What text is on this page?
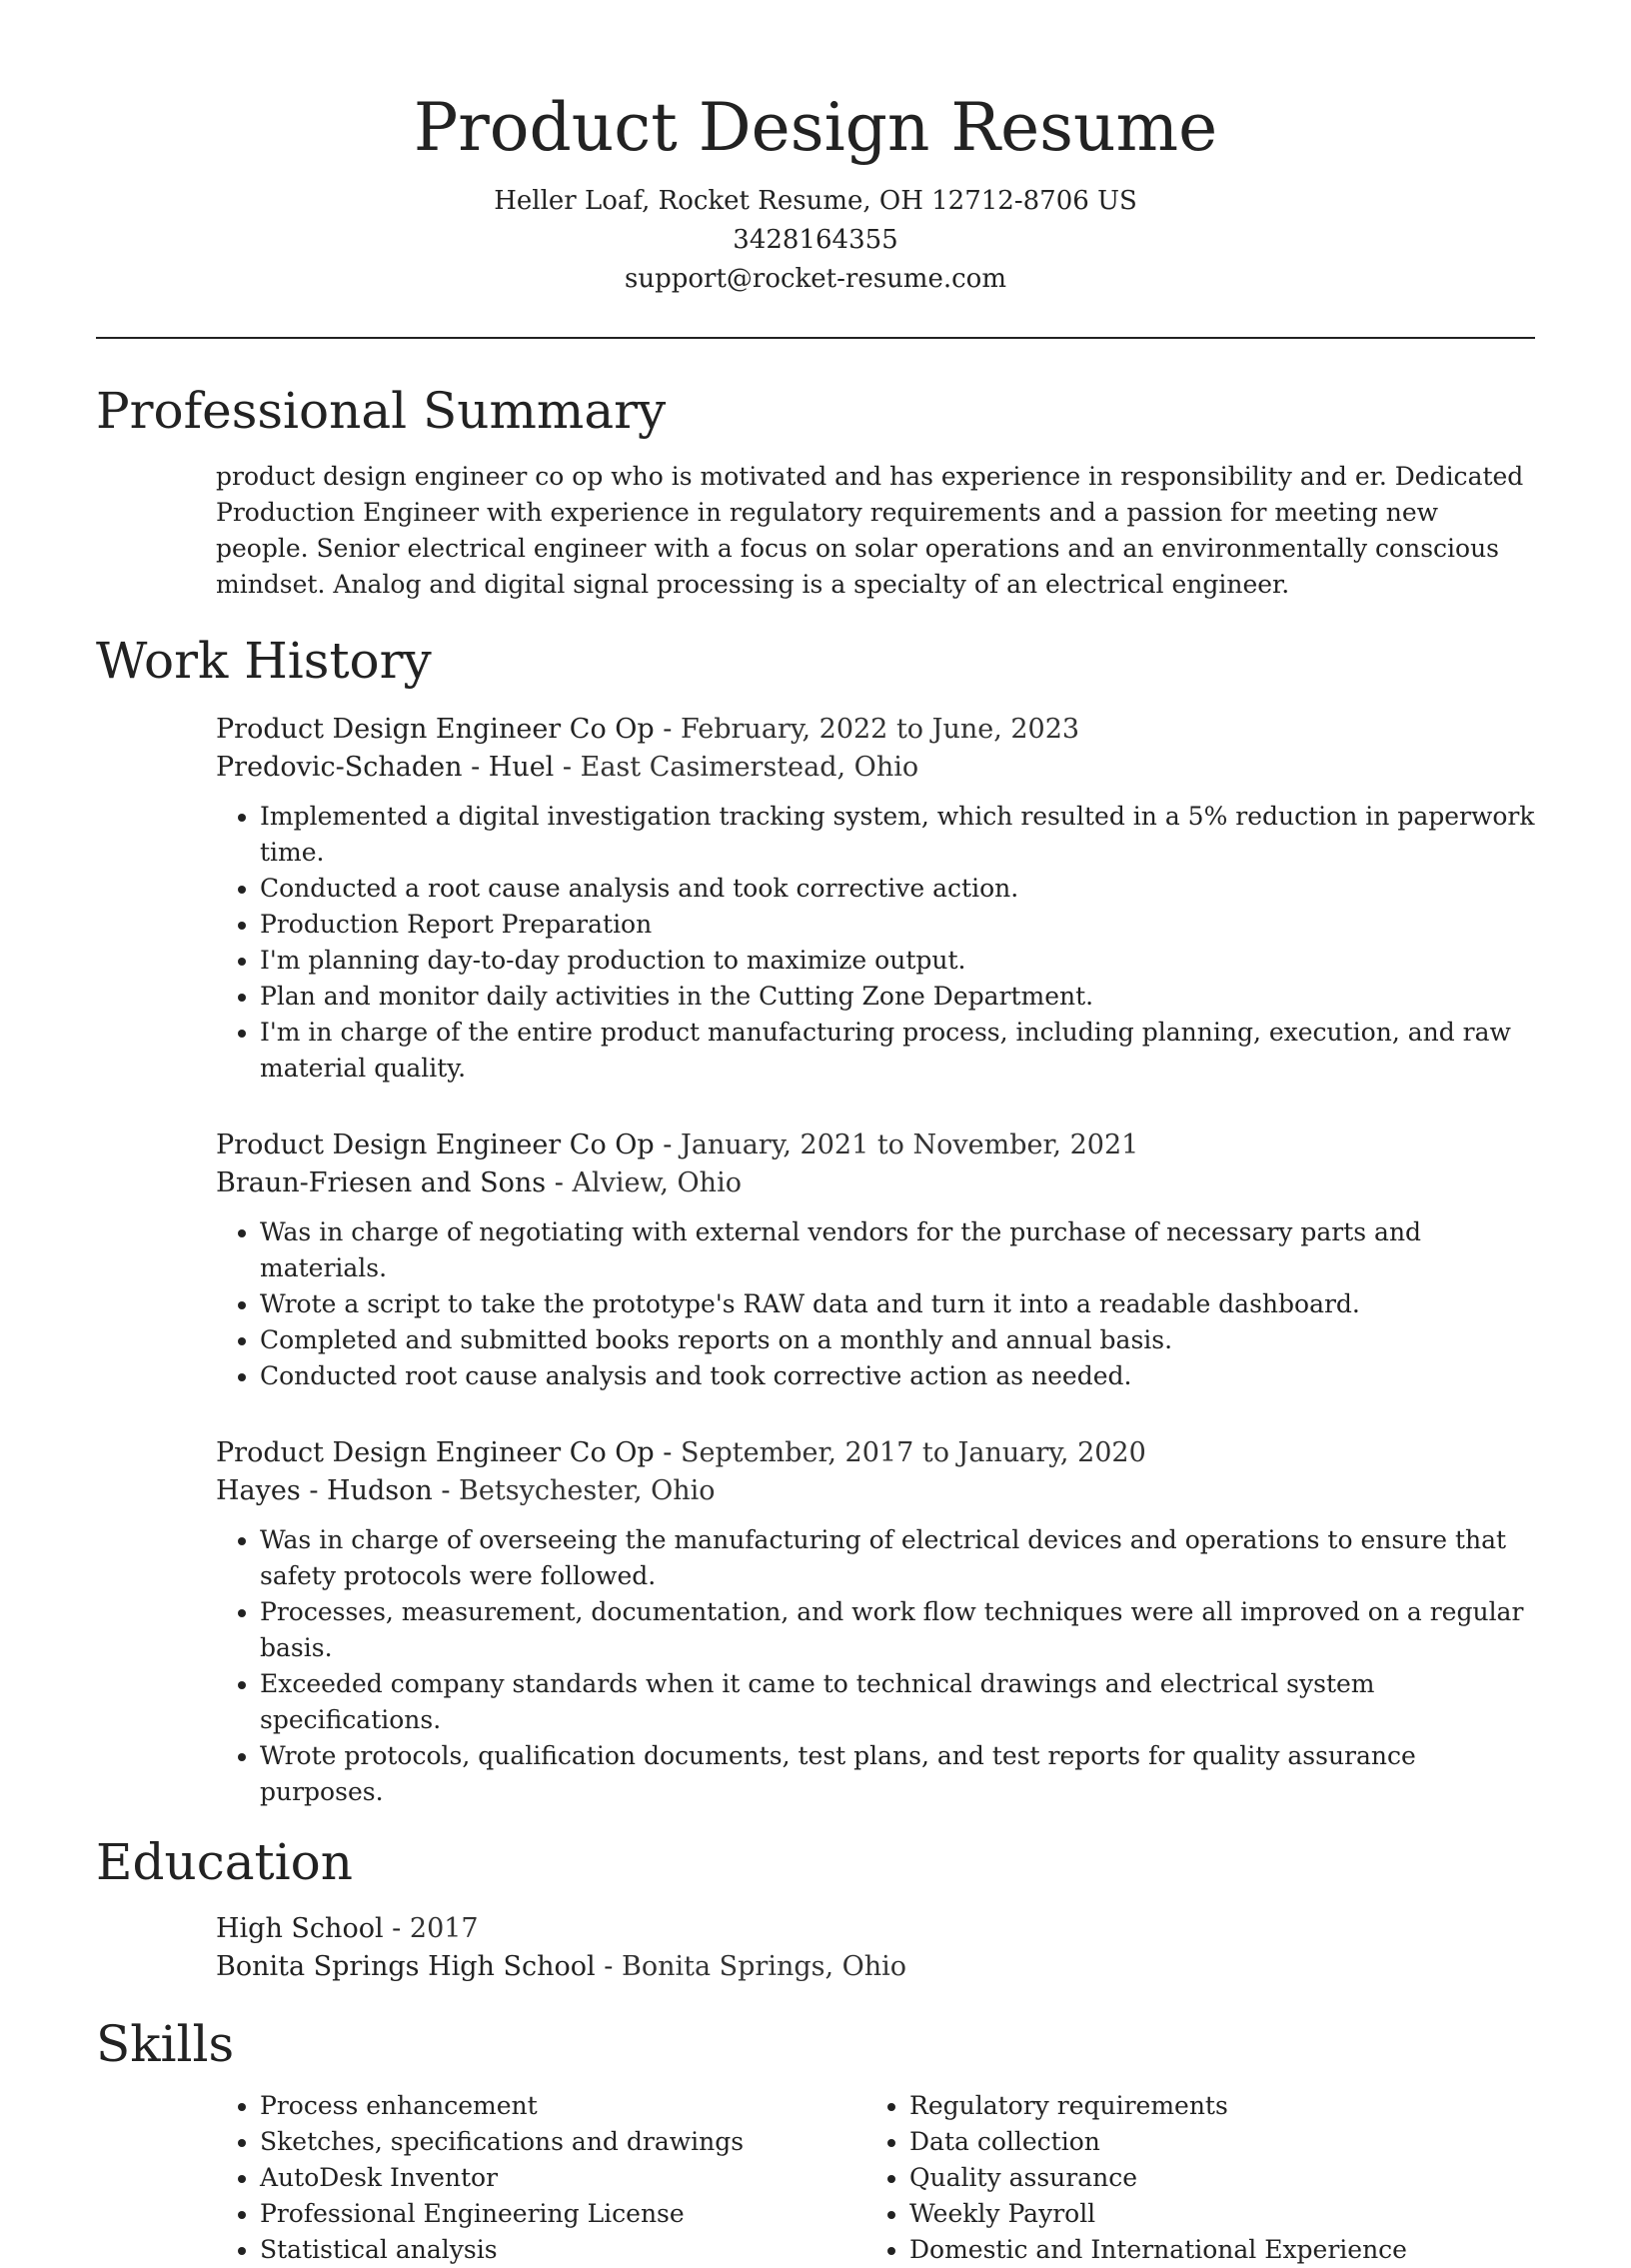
Product Design Resume

Heller Loaf, Rocket Resume, OH 12712-8706 US

3428164355

support@rocket-resume.com

Professional Summary

product design engineer co op who is motivated and has experience in responsibility and er. Dedicated Production Engineer with experience in regulatory requirements and a passion for meeting new people. Senior electrical engineer with a focus on solar operations and an environmentally conscious mindset. Analog and digital signal processing is a specialty of an electrical engineer.

Work History

Product Design Engineer Co Op - February, 2022 to June, 2023

Predovic-Schaden - Huel - East Casimerstead, Ohio

• Implemented a digital investigation tracking system, which resulted in a 5% reduction in paperwork time.
• Conducted a root cause analysis and took corrective action.
• Production Report Preparation
• I'm planning day-to-day production to maximize output.
• Plan and monitor daily activities in the Cutting Zone Department.
• I'm in charge of the entire product manufacturing process, including planning, execution, and raw material quality.

Product Design Engineer Co Op - January, 2021 to November, 2021

Braun-Friesen and Sons - Alview, Ohio

• Was in charge of negotiating with external vendors for the purchase of necessary parts and materials.
• Wrote a script to take the prototype's RAW data and turn it into a readable dashboard.
• Completed and submitted books reports on a monthly and annual basis.
• Conducted root cause analysis and took corrective action as needed.

Product Design Engineer Co Op - September, 2017 to January, 2020

Hayes - Hudson - Betsychester, Ohio

• Was in charge of overseeing the manufacturing of electrical devices and operations to ensure that safety protocols were followed.
• Processes, measurement, documentation, and work flow techniques were all improved on a regular basis.
• Exceeded company standards when it came to technical drawings and electrical system specifications.
• Wrote protocols, qualification documents, test plans, and test reports for quality assurance purposes.
Education

High School - 2017

Bonita Springs High School - Bonita Springs, Ohio

Skills
• Process enhancement
• Sketches, specifications and drawings
• AutoDesk Inventor
• Professional Engineering License
• Statistical analysis
• Regulatory requirements
• Data collection
• Quality assurance
• Weekly Payroll
• Domestic and International Experience
